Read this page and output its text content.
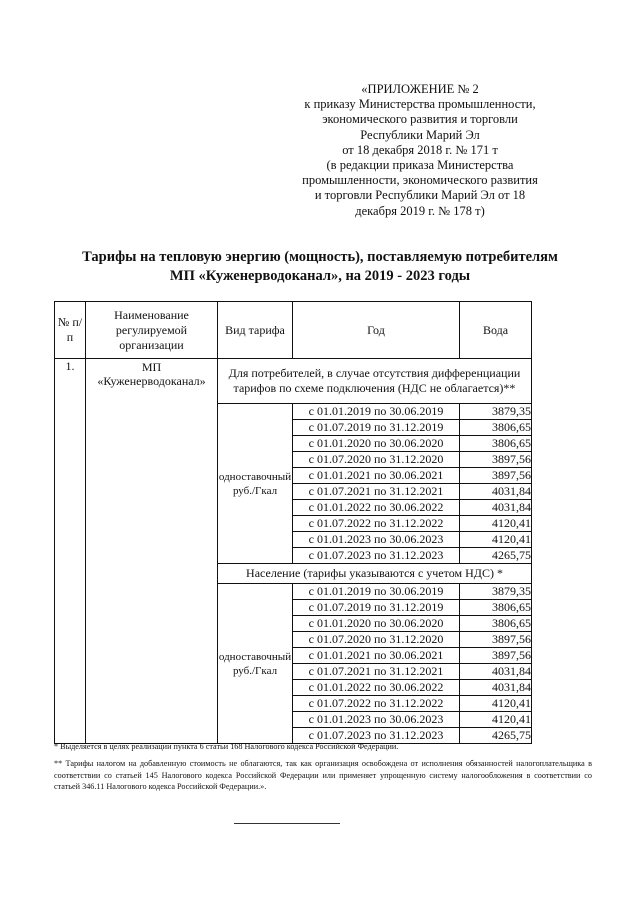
«ПРИЛОЖЕНИЕ № 2
к приказу Министерства промышленности,
экономического развития и торговли
Республики Марий Эл
от 18 декабря 2018 г. № 171 т
(в редакции приказа Министерства
промышленности, экономического развития
и торговли Республики Марий Эл от 18
декабря 2019 г. № 178 т)
Тарифы на тепловую энергию (мощность), поставляемую потребителям
МП «Куженерводоканал», на 2019 - 2023 годы
№ п/п	Наименование регулируемой организации	Вид тарифа	Год	Вода
1.	МП «Куженерводоканал»	Для потребителей, в случае отсутствия дифференциации тарифов по схеме подключения (НДС не облагается)**		
		одноставочный руб./Гкал	с 01.01.2019 по 30.06.2019	3879,35
			с 01.07.2019 по 31.12.2019	3806,65
			с 01.01.2020 по 30.06.2020	3806,65
			с 01.07.2020 по 31.12.2020	3897,56
			с 01.01.2021 по 30.06.2021	3897,56
			с 01.07.2021 по 31.12.2021	4031,84
			с 01.01.2022 по 30.06.2022	4031,84
			с 01.07.2022 по 31.12.2022	4120,41
			с 01.01.2023 по 30.06.2023	4120,41
			с 01.07.2023 по 31.12.2023	4265,75
		Население (тарифы указываются с учетом НДС) *		
		одноставочный руб./Гкал	с 01.01.2019 по 30.06.2019	3879,35
			с 01.07.2019 по 31.12.2019	3806,65
			с 01.01.2020 по 30.06.2020	3806,65
			с 01.07.2020 по 31.12.2020	3897,56
			с 01.01.2021 по 30.06.2021	3897,56
			с 01.07.2021 по 31.12.2021	4031,84
			с 01.01.2022 по 30.06.2022	4031,84
			с 01.07.2022 по 31.12.2022	4120,41
			с 01.01.2023 по 30.06.2023	4120,41
			с 01.07.2023 по 31.12.2023	4265,75

* Выделяется в целях реализации пункта 6 статьи 168 Налогового кодекса Российской Федерации.

** Тарифы налогом на добавленную стоимость не облагаются, так как организация освобождена от исполнения обязанностей налогоплательщика в соответствии со статьей 145 Налогового кодекса Российской Федерации или применяет упрощенную систему налогообложения в соответствии со статьей 346.11 Налогового кодекса Российской Федерации.».
